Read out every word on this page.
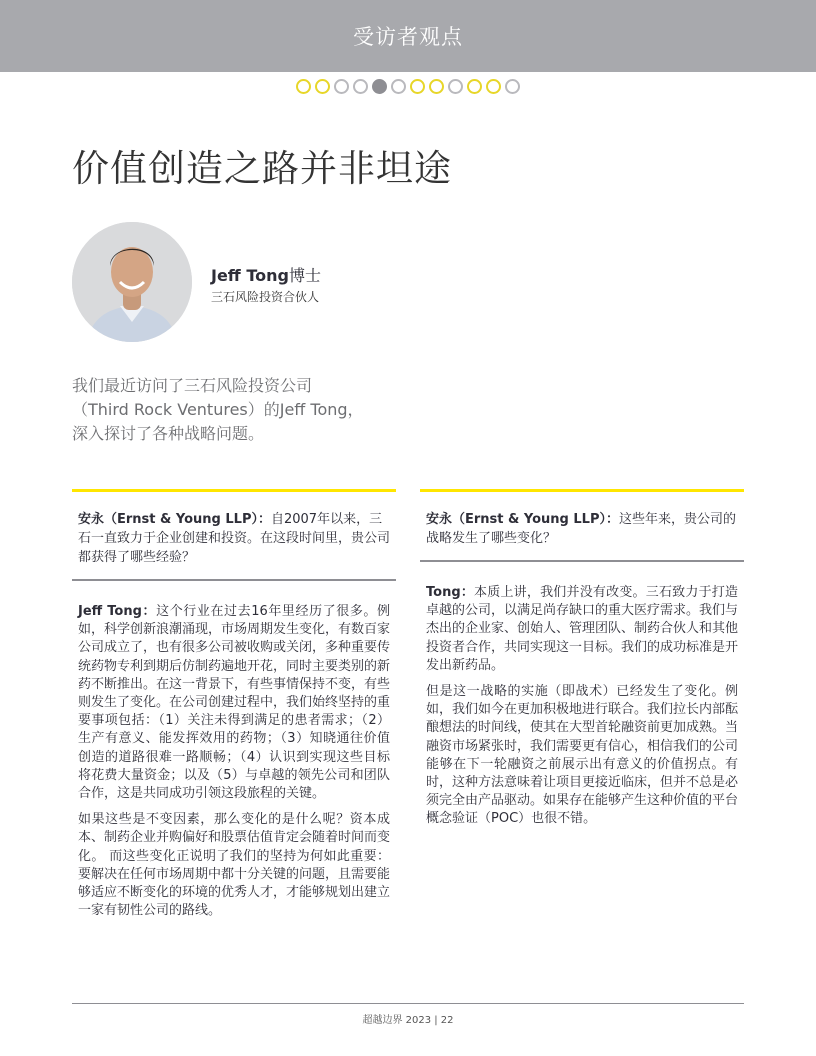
受访者观点
价值创造之路并非坦途
Jeff Tong博士
三石风险投资合伙人
我们最近访问了三石风险投资公司
（Third Rock Ventures）的Jeff Tong，
深入探讨了各种战略问题。
安永（Ernst & Young LLP）：自2007年以来，三石一直致力于企业创建和投资。在这段时间里，贵公司都获得了哪些经验？

Jeff Tong：这个行业在过去16年里经历了很多。例如，科学创新浪潮涌现，市场周期发生变化，有数百家公司成立了，也有很多公司被收购或关闭，多种重要传统药物专利到期后仿制药遍地开花，同时主要类别的新药不断推出。在这一背景下，有些事情保持不变，有些则发生了变化。在公司创建过程中，我们始终坚持的重要事项包括：（1）关注未得到满足的患者需求；（2）生产有意义、能发挥效用的药物；（3）知晓通往价值创造的道路很难一路顺畅；（4）认识到实现这些目标将花费大量资金；以及（5）与卓越的领先公司和团队合作，这是共同成功引领这段旅程的关键。

如果这些是不变因素，那么变化的是什么呢？资本成本、制药企业并购偏好和股票估值肯定会随着时间而变化。 而这些变化正说明了我们的坚持为何如此重要：要解决在任何市场周期中都十分关键的问题，且需要能够适应不断变化的环境的优秀人才，才能够规划出建立一家有韧性公司的路线。

安永（Ernst & Young LLP）：这些年来，贵公司的战略发生了哪些变化？

Tong：本质上讲，我们并没有改变。三石致力于打造卓越的公司，以满足尚存缺口的重大医疗需求。我们与杰出的企业家、创始人、管理团队、制药合伙人和其他投资者合作，共同实现这一目标。我们的成功标准是开发出新药品。

但是这一战略的实施（即战术）已经发生了变化。例如，我们如今在更加积极地进行联合。我们拉长内部酝酿想法的时间线，使其在大型首轮融资前更加成熟。当融资市场紧张时，我们需要更有信心，相信我们的公司能够在下一轮融资之前展示出有意义的价值拐点。有时，这种方法意味着让项目更接近临床，但并不总是必须完全由产品驱动。如果存在能够产生这种价值的平台概念验证（POC）也很不错。

超越边界 2023 | 22
